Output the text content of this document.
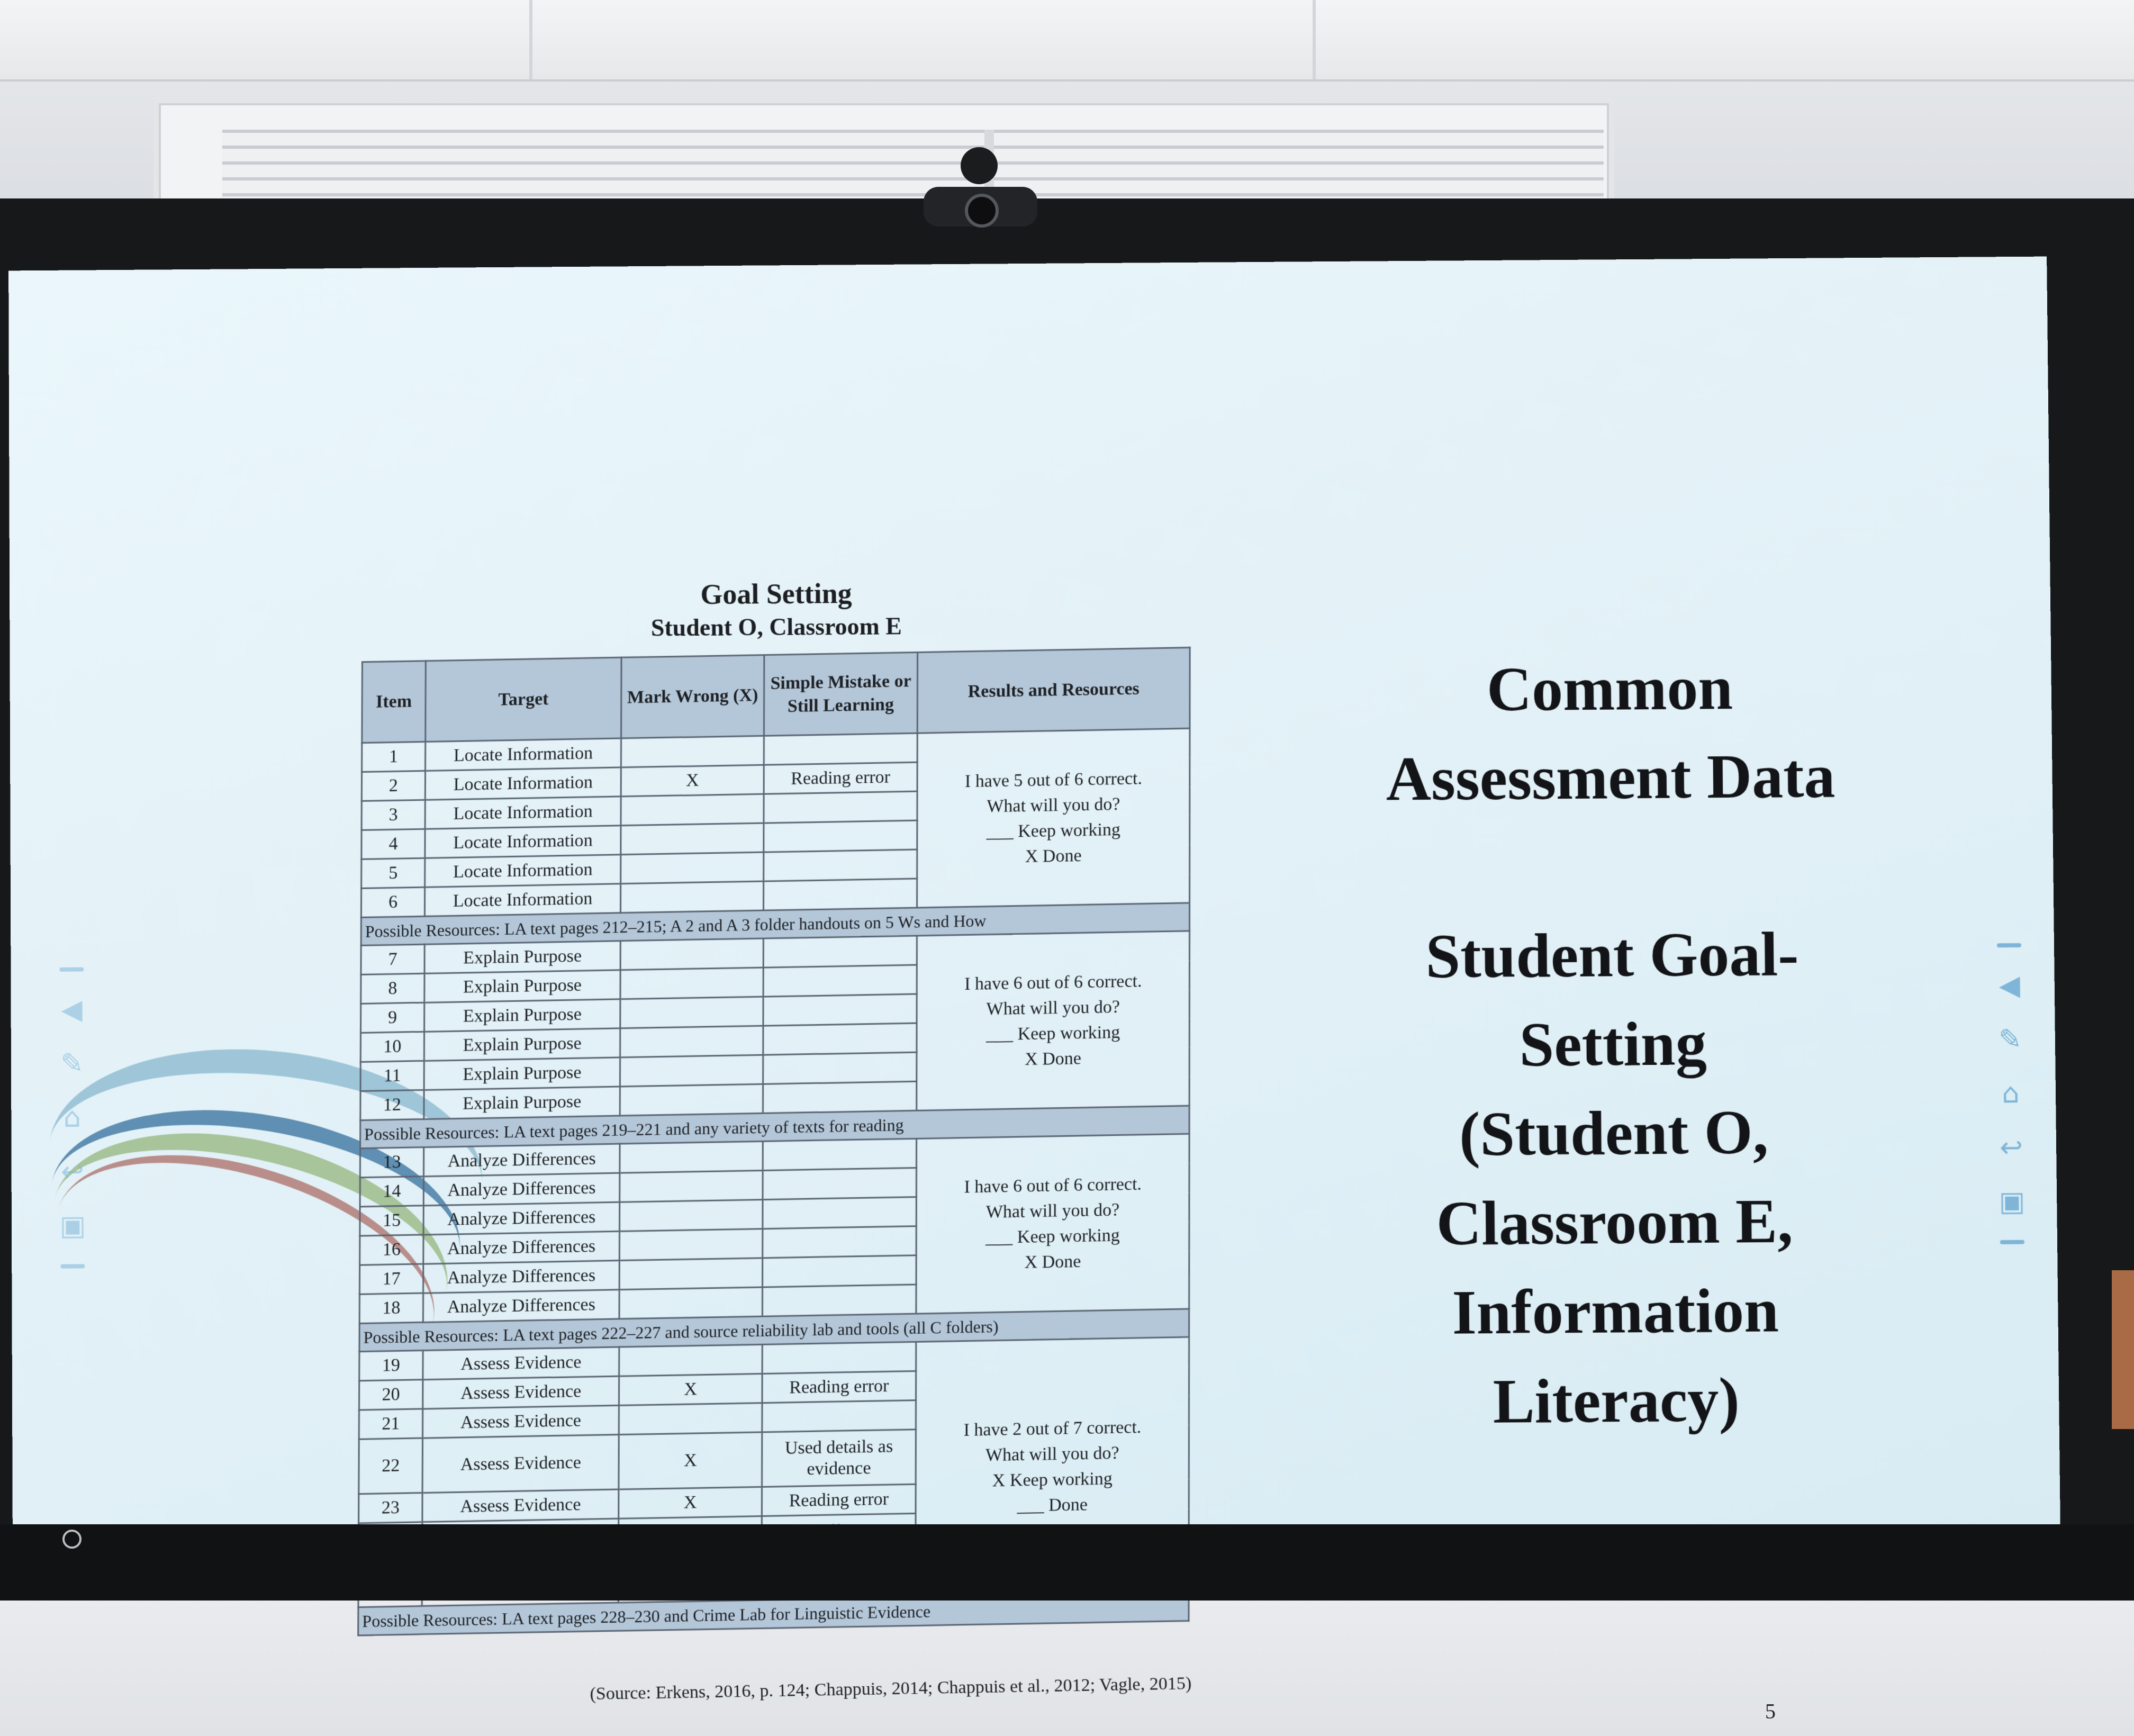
◀
✎
⌂
↩
▣
◀
✎
⌂
↩
▣
Goal Setting
Student O, Classroom E
Item	Target	Mark Wrong (X)	Simple Mistake or Still Learning	Results and Resources
1	Locate Information			I have 5 out of 6 correct.
What will you do?
___ Keep working
X Done

2	Locate Information	X	Reading error	
3	Locate Information			
4	Locate Information			
5	Locate Information			
6	Locate Information			
Possible Resources: LA text pages 212–215; A 2 and A 3 folder handouts on 5 Ws and How				
7	Explain Purpose			I have 6 out of 6 correct.
What will you do?
___ Keep working
X Done

8	Explain Purpose			
9	Explain Purpose			
10	Explain Purpose			
11	Explain Purpose			
12	Explain Purpose			
Possible Resources: LA text pages 219–221 and any variety of texts for reading				
13	Analyze Differences			I have 6 out of 6 correct.
What will you do?
___ Keep working
X Done

14	Analyze Differences			
15	Analyze Differences			
16	Analyze Differences			
17	Analyze Differences			
18	Analyze Differences			
Possible Resources: LA text pages 222–227 and source reliability lab and tools (all C folders)				
19	Assess Evidence			I have 2 out of 7 correct.
What will you do?
X Keep working
___ Done

20	Assess Evidence	X	Reading error	
21	Assess Evidence			
22	Assess Evidence	X	Used details as evidence	
23	Assess Evidence	X	Reading error	

Possible Resources: LA text pages 228–230 and Crime Lab for Linguistic Evidence				
(Source: Erkens, 2016, p. 124; Chappuis, 2014; Chappuis et al., 2012; Vagle, 2015)
Common
Assessment Data
Student Goal-
Setting
(Student O,
Classroom E,
Information
Literacy)
5
